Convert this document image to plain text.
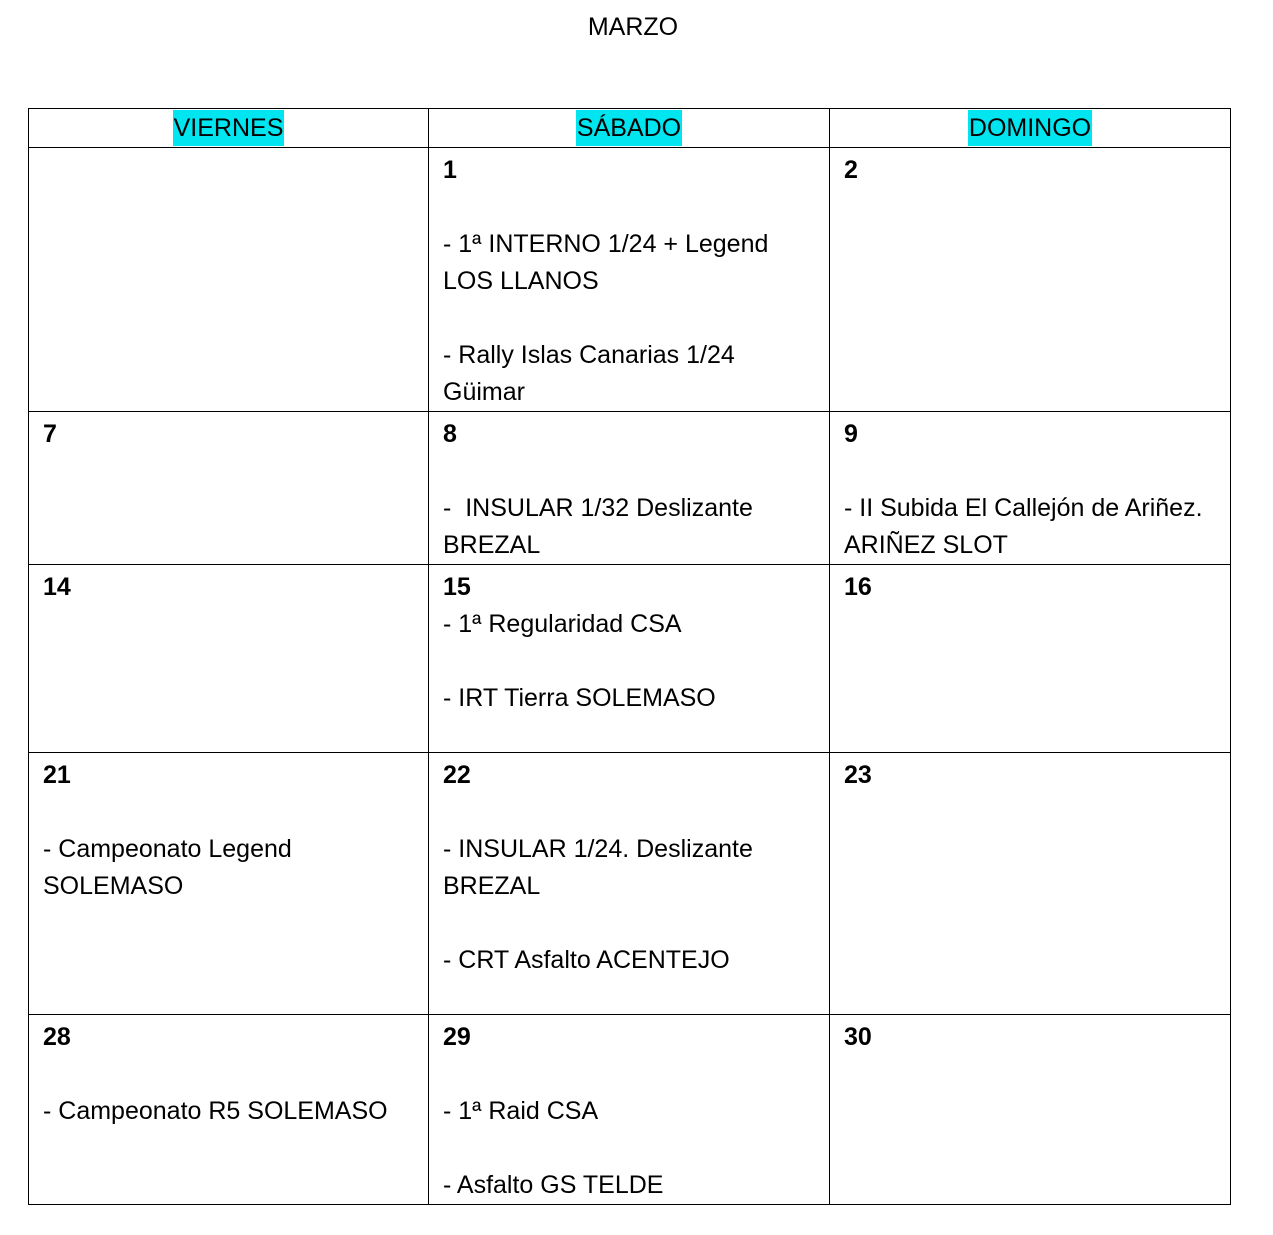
MARZO
VIERNES	SÁBADO	DOMINGO

	1
- 1ª INTERNO 1/24 + Legend LOS LLANOS
- Rally Islas Canarias 1/24 Güimar	2

7	8
-  INSULAR 1/32 Deslizante BREZAL	9
- II Subida El Callejón de Ariñez. ARIÑEZ SLOT

14	15
- 1ª Regularidad CSA
- IRT Tierra SOLEMASO	16

21
- Campeonato Legend SOLEMASO	22
- INSULAR 1/24. Deslizante BREZAL
- CRT Asfalto ACENTEJO	23

28
- Campeonato R5 SOLEMASO	29
- 1ª Raid CSA
- Asfalto GS TELDE	30
